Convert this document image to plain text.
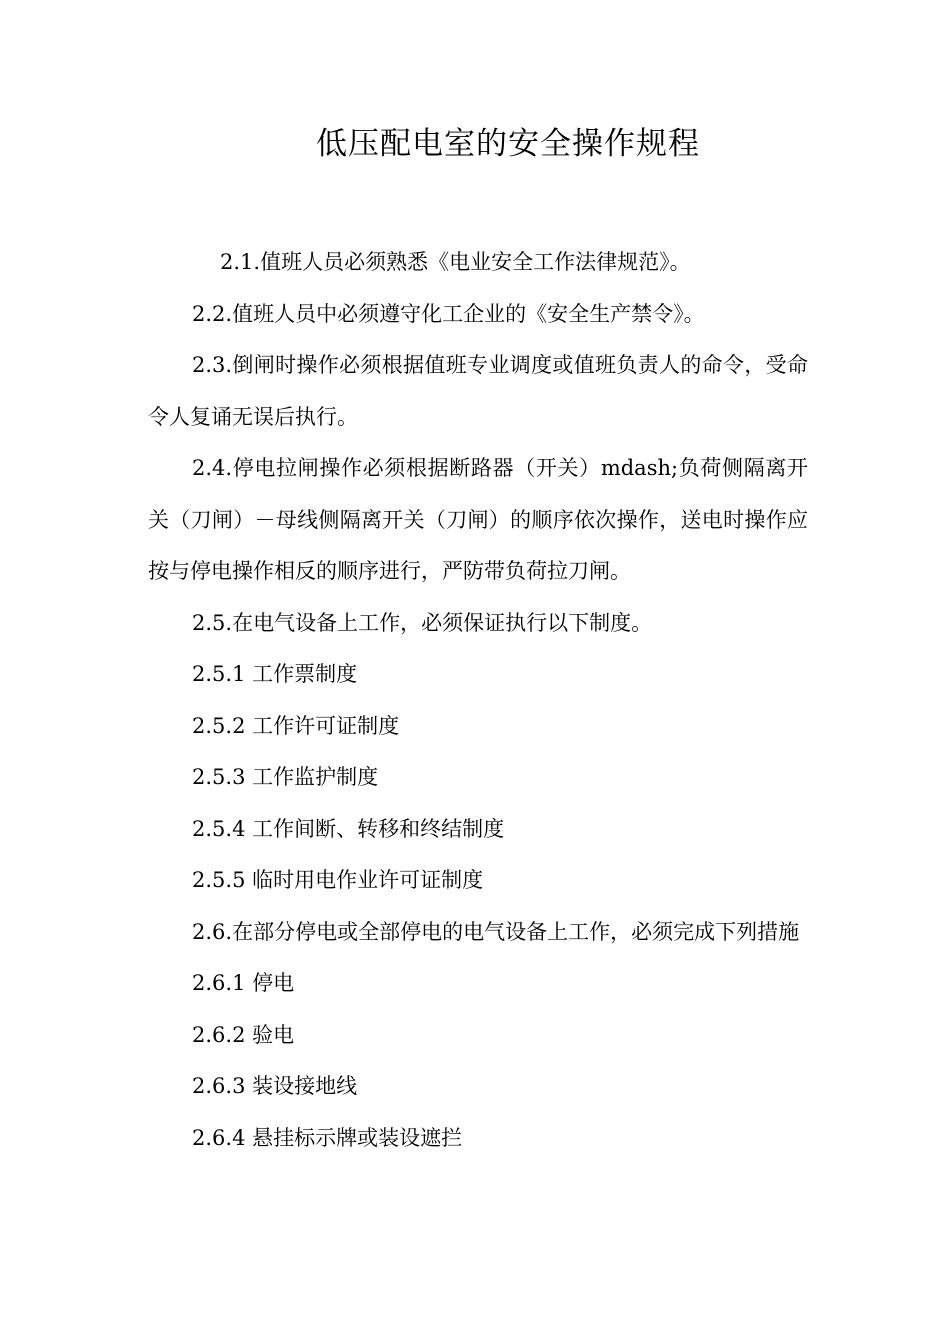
低压配电室的安全操作规程

2.1.值班人员必须熟悉《电业安全工作法律规范》。

2.2.值班人员中必须遵守化工企业的《安全生产禁令》。

2.3.倒闸时操作必须根据值班专业调度或值班负责人的命令，受命令人复诵无误后执行。

2.4.停电拉闸操作必须根据断路器（开关）mdash;负荷侧隔离开关（刀闸）－母线侧隔离开关（刀闸）的顺序依次操作，送电时操作应按与停电操作相反的顺序进行，严防带负荷拉刀闸。

2.5.在电气设备上工作，必须保证执行以下制度。

2.5.1 工作票制度

2.5.2 工作许可证制度

2.5.3 工作监护制度

2.5.4 工作间断、转移和终结制度

2.5.5 临时用电作业许可证制度

2.6.在部分停电或全部停电的电气设备上工作，必须完成下列措施

2.6.1 停电

2.6.2 验电

2.6.3 装设接地线

2.6.4 悬挂标示牌或装设遮拦
